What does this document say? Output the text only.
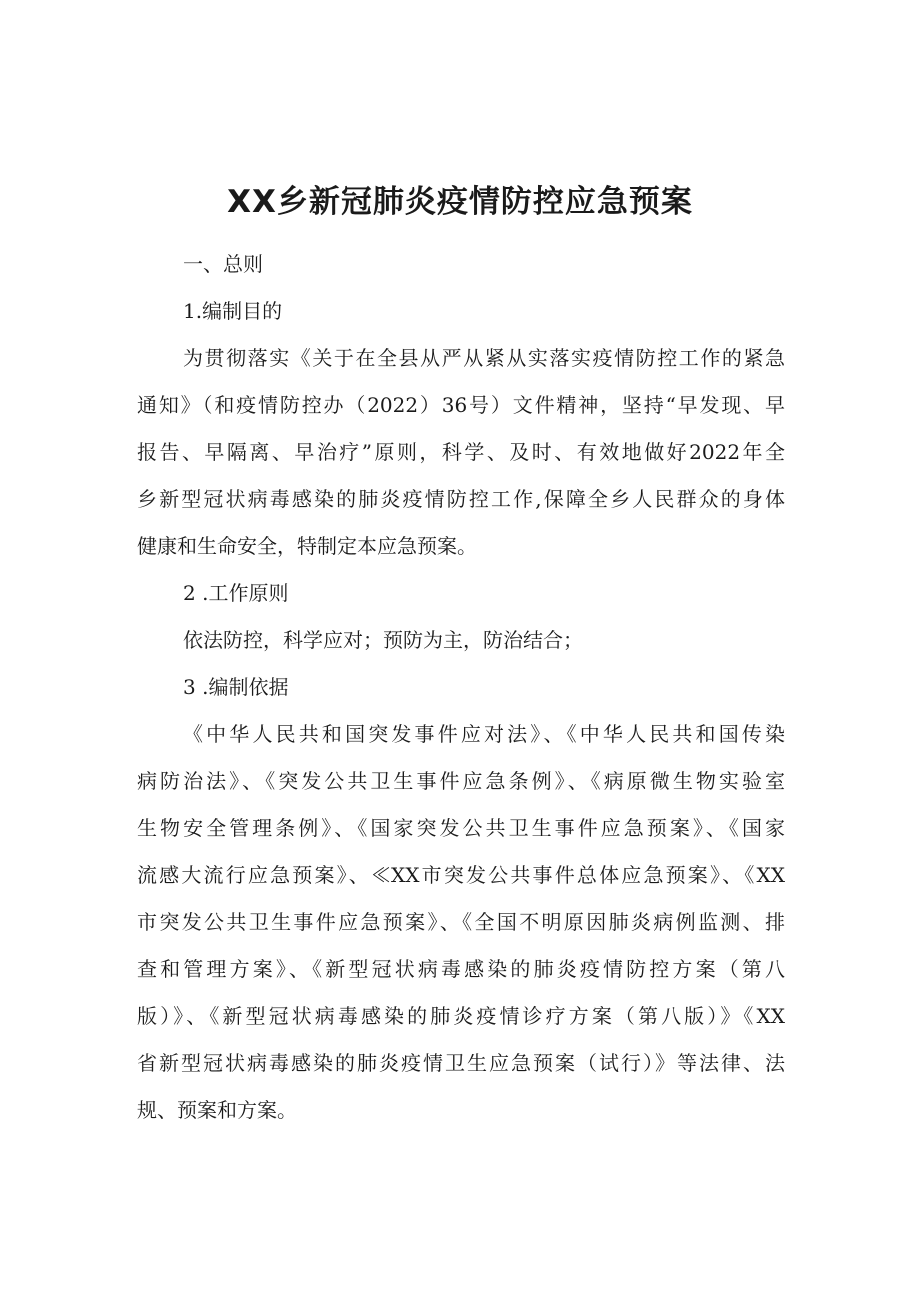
XX乡新冠肺炎疫情防控应急预案

一、总则

1.编制目的

为贯彻落实《关于在全县从严从紧从实落实疫情防控工作的紧急

通知》（和疫情防控办（2022）36号）文件精神，坚持“早发现、早

报告、早隔离、早治疗”原则，科学、及时、有效地做好2022年全

乡新型冠状病毒感染的肺炎疫情防控工作,保障全乡人民群众的身体

健康和生命安全，特制定本应急预案。

2 .工作原则

依法防控，科学应对；预防为主，防治结合；

3 .编制依据

《中华人民共和国突发事件应对法》、《中华人民共和国传染

病防治法》、《突发公共卫生事件应急条例》、《病原微生物实验室

生物安全管理条例》、《国家突发公共卫生事件应急预案》、《国家

流感大流行应急预案》、≪XX市突发公共事件总体应急预案》、《XX

市突发公共卫生事件应急预案》、《全国不明原因肺炎病例监测、排

查和管理方案》、《新型冠状病毒感染的肺炎疫情防控方案（第八

版）》、《新型冠状病毒感染的肺炎疫情诊疗方案（第八版）》《XX

省新型冠状病毒感染的肺炎疫情卫生应急预案（试行）》等法律、法

规、预案和方案。
